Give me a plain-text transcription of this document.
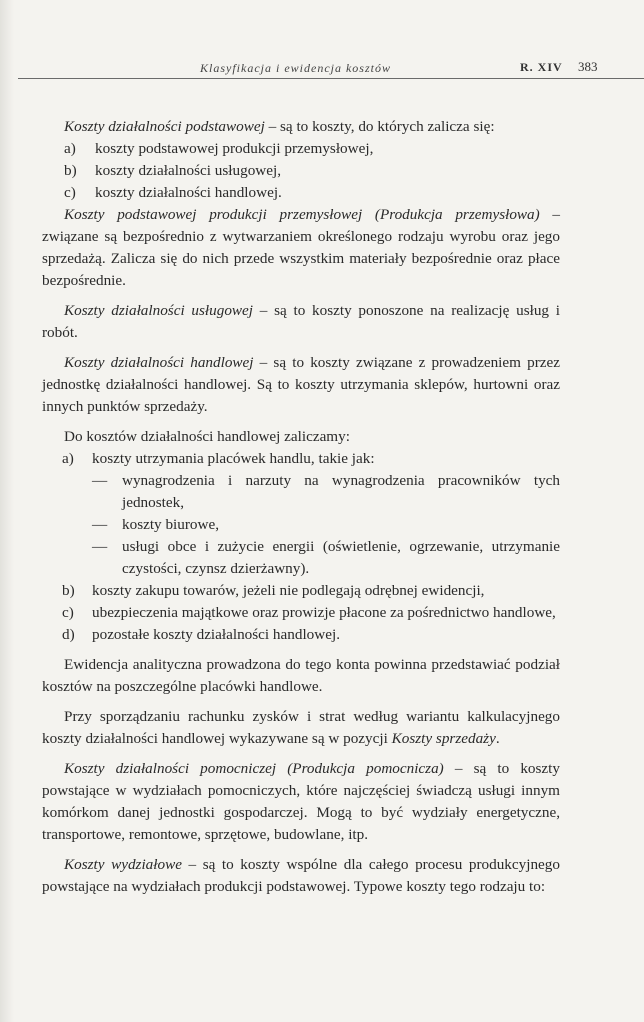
Klasyfikacja i ewidencja kosztów	R. XIV 383

Koszty działalności podstawowej – są to koszty, do których zalicza się:

a) koszty podstawowej produkcji przemysłowej,
b) koszty działalności usługowej,
c) koszty działalności handlowej.

Koszty podstawowej produkcji przemysłowej (Produkcja przemysłowa) – związane są bezpośrednio z wytwarzaniem określonego rodzaju wyrobu oraz jego sprzedażą. Zalicza się do nich przede wszystkim materiały bezpośrednie oraz płace bezpośrednie.

Koszty działalności usługowej – są to koszty ponoszone na realizację usług i robót.

Koszty działalności handlowej – są to koszty związane z prowadzeniem przez jednostkę działalności handlowej. Są to koszty utrzymania sklepów, hurtowni oraz innych punktów sprzedaży.

Do kosztów działalności handlowej zaliczamy:

a) koszty utrzymania placówek handlu, takie jak:
— wynagrodzenia i narzuty na wynagrodzenia pracowników tych jednostek,
— koszty biurowe,
— usługi obce i zużycie energii (oświetlenie, ogrzewanie, utrzymanie czystości, czynsz dzierżawny).
b) koszty zakupu towarów, jeżeli nie podlegają odrębnej ewidencji,
c) ubezpieczenia majątkowe oraz prowizje płacone za pośrednictwo handlowe,
d) pozostałe koszty działalności handlowej.

Ewidencja analityczna prowadzona do tego konta powinna przedstawiać podział kosztów na poszczególne placówki handlowe.

Przy sporządzaniu rachunku zysków i strat według wariantu kalkulacyjnego koszty działalności handlowej wykazywane są w pozycji Koszty sprzedaży.

Koszty działalności pomocniczej (Produkcja pomocnicza) – są to koszty powstające w wydziałach pomocniczych, które najczęściej świadczą usługi innym komórkom danej jednostki gospodarczej. Mogą to być wydziały energetyczne, transportowe, remontowe, sprzętowe, budowlane, itp.

Koszty wydziałowe – są to koszty wspólne dla całego procesu produkcyjnego powstające na wydziałach produkcji podstawowej. Typowe koszty tego rodzaju to:
